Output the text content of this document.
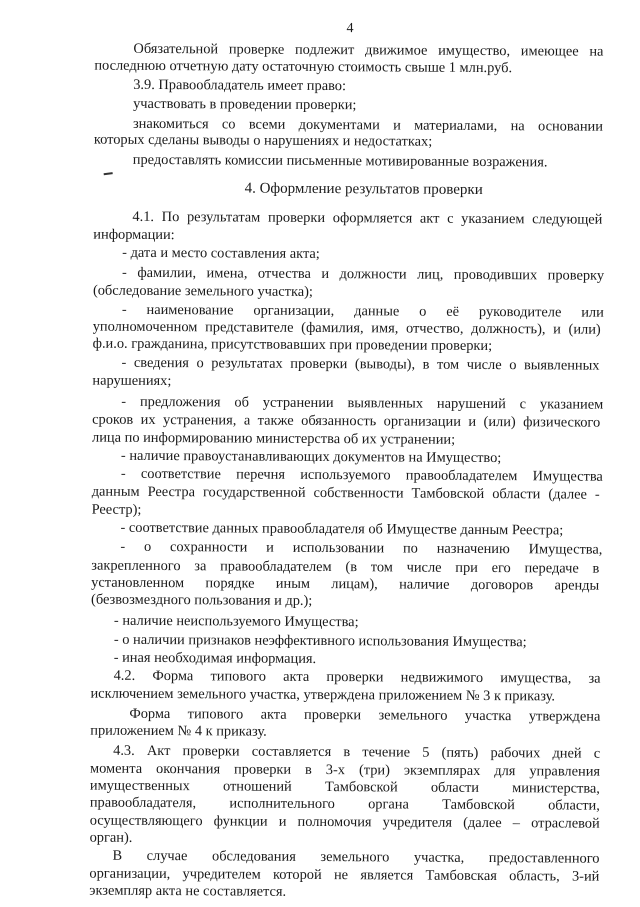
4
Обязательной проверке подлежит движимое имущество, имеющее на
последнюю отчетную дату остаточную стоимость свыше 1 млн.руб.
3.9. Правообладатель имеет право:
участвовать в проведении проверки;
знакомиться со всеми документами и материалами, на основании
которых сделаны выводы о нарушениях и недостатках;
предоставлять комиссии письменные мотивированные возражения.
4. Оформление результатов проверки
4.1. По результатам проверки оформляется акт с указанием следующей
информации:
- дата и место составления акта;
- фамилии, имена, отчества и должности лиц, проводивших проверку
(обследование земельного участка);
- наименование организации, данные о её руководителе или
уполномоченном представителе (фамилия, имя, отчество, должность), и (или)
ф.и.о. гражданина, присутствовавших при проведении проверки;
- сведения о результатах проверки (выводы), в том числе о выявленных
нарушениях;
- предложения об устранении выявленных нарушений с указанием
сроков их устранения, а также обязанность организации и (или) физического
лица по информированию министерства об их устранении;
- наличие правоустанавливающих документов на Имущество;
- соответствие перечня используемого правообладателем Имущества
данным Реестра государственной собственности Тамбовской области (далее -
Реестр);
- соответствие данных правообладателя об Имуществе данным Реестра;
- о сохранности и использовании по назначению Имущества,
закрепленного за правообладателем (в том числе при его передаче в
установленном порядке иным лицам), наличие договоров аренды
(безвозмездного пользования и др.);
- наличие неиспользуемого Имущества;
- о наличии признаков неэффективного использования Имущества;
- иная необходимая информация.
4.2. Форма типового акта проверки недвижимого имущества, за
исключением земельного участка, утверждена приложением № 3 к приказу.
Форма типового акта проверки земельного участка утверждена
приложением № 4 к приказу.
4.3. Акт проверки составляется в течение 5 (пять) рабочих дней с
момента окончания проверки в 3-х (три) экземплярах для управления
имущественных отношений Тамбовской области министерства,
правообладателя, исполнительного органа Тамбовской области,
осуществляющего функции и полномочия учредителя (далее – отраслевой
орган).
В случае обследования земельного участка, предоставленного
организации, учредителем которой не является Тамбовская область, 3-ий
экземпляр акта не составляется.
